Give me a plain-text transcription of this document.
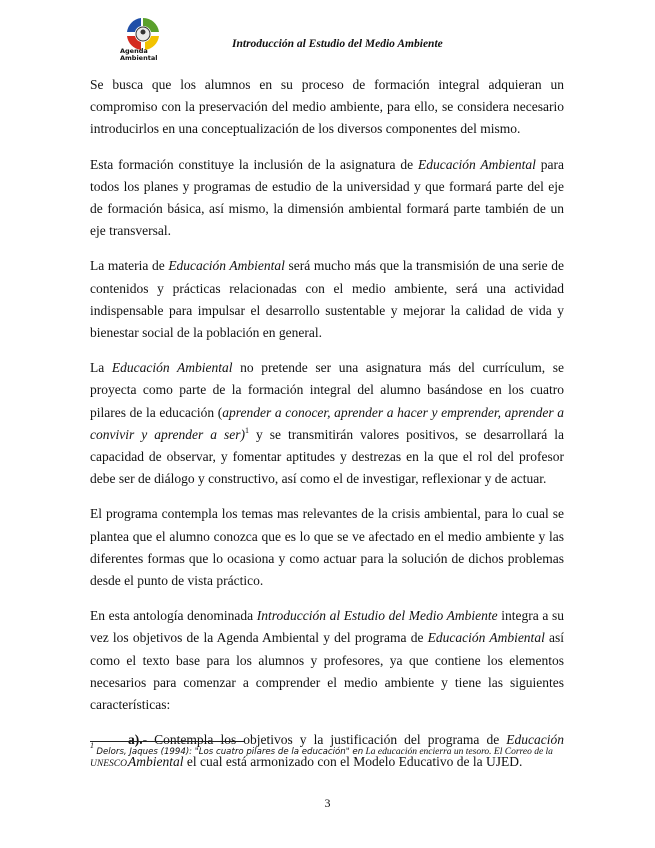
Agenda
Ambiental
Introducción al Estudio del Medio Ambiente

Se busca que los alumnos en su proceso de formación integral adquieran un compromiso con la preservación del medio ambiente, para ello, se considera necesario introducirlos en una conceptualización de los diversos componentes del mismo.

Esta formación constituye la inclusión de la asignatura de Educación Ambiental para todos los planes y programas de estudio de la universidad y que formará parte del eje de formación básica, así mismo, la dimensión ambiental formará parte también de un eje transversal.

La materia de Educación Ambiental será mucho más que la transmisión de una serie de contenidos y prácticas relacionadas con el medio ambiente, será una actividad indispensable para impulsar el desarrollo sustentable y mejorar la calidad de vida y bienestar social de la población en general.

La Educación Ambiental no pretende ser una asignatura más del currículum, se proyecta como parte de la formación integral del alumno basándose en los cuatro pilares de la educación (aprender a conocer, aprender a hacer y emprender, aprender a convivir y aprender a ser)$^1$ y se transmitirán valores positivos, se desarrollará la capacidad de observar, y fomentar aptitudes y destrezas en la que el rol del profesor debe ser de diálogo y constructivo, así como el de investigar, reflexionar y de actuar.

El programa contempla los temas mas relevantes de la crisis ambiental, para lo cual se plantea que el alumno conozca que es lo que se ve afectado en el medio ambiente y las diferentes formas que lo ocasiona y como actuar para la solución de dichos problemas desde el punto de vista práctico.

En esta antología denominada Introducción al Estudio del Medio Ambiente integra a su vez los objetivos de la Agenda Ambiental y del programa de Educación Ambiental así como el texto base para los alumnos y profesores, ya que contiene los elementos necesarios para comenzar a comprender el medio ambiente y tiene las siguientes características:

a).- Contempla los objetivos y la justificación del programa de Educación Ambiental el cual está armonizado con el Modelo Educativo de la UJED.

$^1$ Delors, Jaques (1994): "Los cuatro pilares de la educación" en La educación encierra un tesoro. El Correo de la UNESCO.
3
